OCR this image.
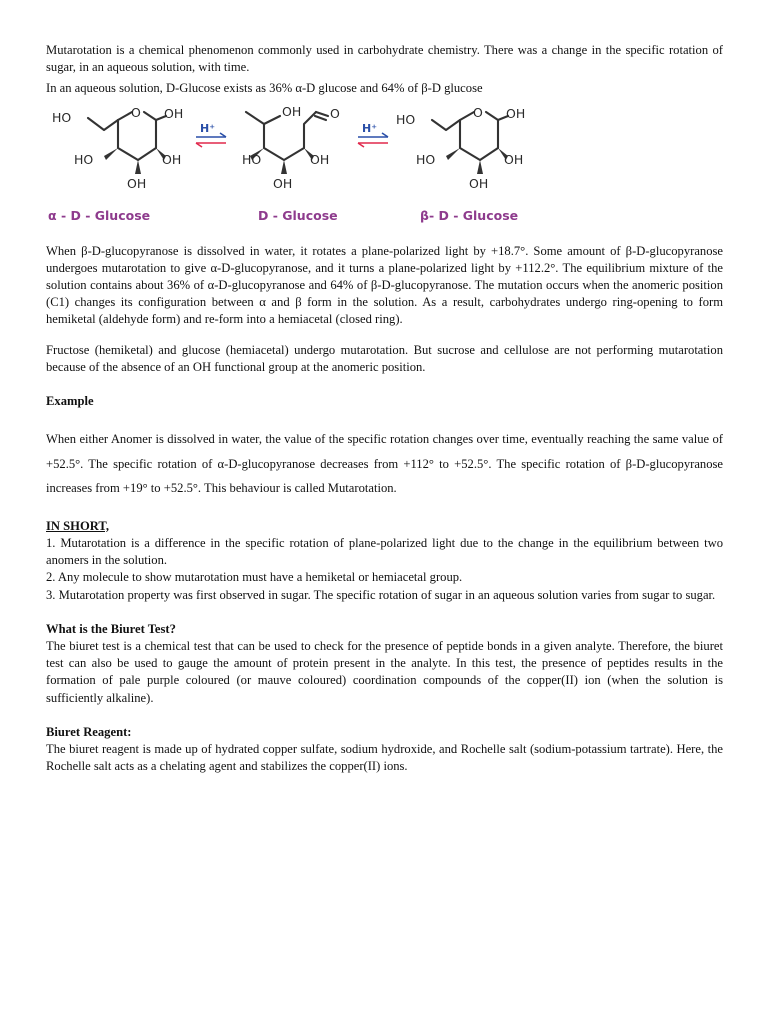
Mutarotation is a chemical phenomenon commonly used in carbohydrate chemistry. There was a change in the specific rotation of sugar, in an aqueous solution, with time.

In an aqueous solution, D-Glucose exists as 36% α-D glucose and 64% of β-D glucose

HO	O OH
HO	OH
OH
α - D - Glucose
H⁺
OH O
HO	OH
OH
D - Glucose
H⁺
HO	O OH
HO	OH
OH
β- D - Glucose

When β-D-glucopyranose is dissolved in water, it rotates a plane-polarized light by +18.7°. Some amount of β-D-glucopyranose undergoes mutarotation to give α-D-glucopyranose, and it turns a plane-polarized light by +112.2°. The equilibrium mixture of the solution contains about 36% of α-D-glucopyranose and 64% of β-D-glucopyranose. The mutation occurs when the anomeric position (C1) changes its configuration between α and β form in the solution. As a result, carbohydrates undergo ring-opening to form hemiketal (aldehyde form) and re-form into a hemiacetal (closed ring).

Fructose (hemiketal) and glucose (hemiacetal) undergo mutarotation. But sucrose and cellulose are not performing mutarotation because of the absence of an OH functional group at the anomeric position.

Example

When either Anomer is dissolved in water, the value of the specific rotation changes over time, eventually reaching the same value of +52.5°. The specific rotation of α-D-glucopyranose decreases from +112° to +52.5°. The specific rotation of β-D-glucopyranose increases from +19° to +52.5°. This behaviour is called Mutarotation.

IN SHORT,

1. Mutarotation is a difference in the specific rotation of plane-polarized light due to the change in the equilibrium between two anomers in the solution.

2. Any molecule to show mutarotation must have a hemiketal or hemiacetal group.

3. Mutarotation property was first observed in sugar. The specific rotation of sugar in an aqueous solution varies from sugar to sugar.

What is the Biuret Test?

The biuret test is a chemical test that can be used to check for the presence of peptide bonds in a given analyte. Therefore, the biuret test can also be used to gauge the amount of protein present in the analyte. In this test, the presence of peptides results in the formation of pale purple coloured (or mauve coloured) coordination compounds of the copper(II) ion (when the solution is sufficiently alkaline).

Biuret Reagent:

The biuret reagent is made up of hydrated copper sulfate, sodium hydroxide, and Rochelle salt (sodium-potassium tartrate). Here, the Rochelle salt acts as a chelating agent and stabilizes the copper(II) ions.
